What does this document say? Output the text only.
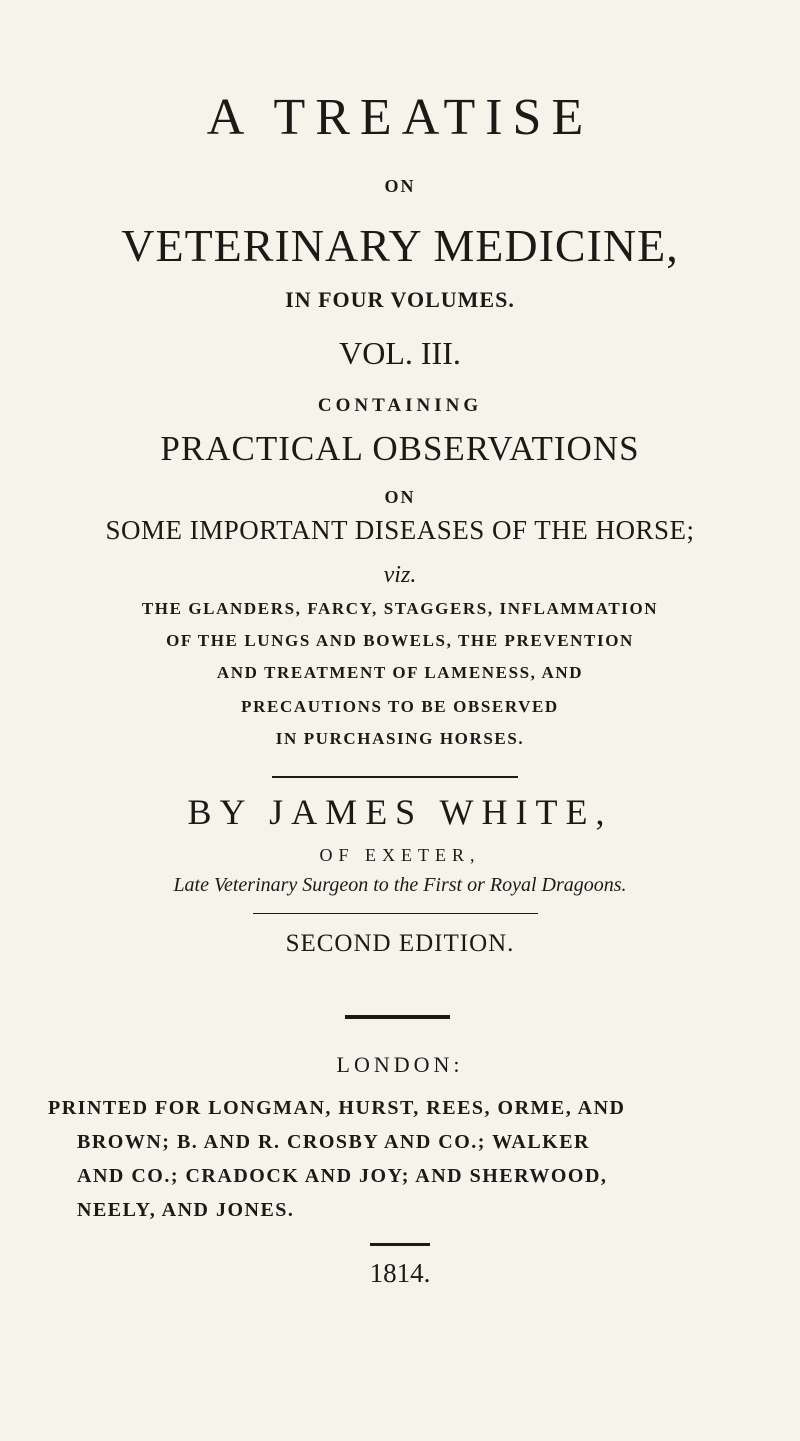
A TREATISE
ON
VETERINARY MEDICINE,
IN FOUR VOLUMES.
VOL. III.
CONTAINING
PRACTICAL OBSERVATIONS
ON
SOME IMPORTANT DISEASES OF THE HORSE;
viz.
THE GLANDERS, FARCY, STAGGERS, INFLAMMATION
OF THE LUNGS AND BOWELS, THE PREVENTION
AND TREATMENT OF LAMENESS, AND
PRECAUTIONS TO BE OBSERVED
IN PURCHASING HORSES.
BY JAMES WHITE,
OF EXETER,
Late Veterinary Surgeon to the First or Royal Dragoons.
SECOND EDITION.
LONDON:
PRINTED FOR LONGMAN, HURST, REES, ORME, AND
BROWN; B. AND R. CROSBY AND CO.; WALKER
AND CO.; CRADOCK AND JOY; AND SHERWOOD,
NEELY, AND JONES.
1814.
